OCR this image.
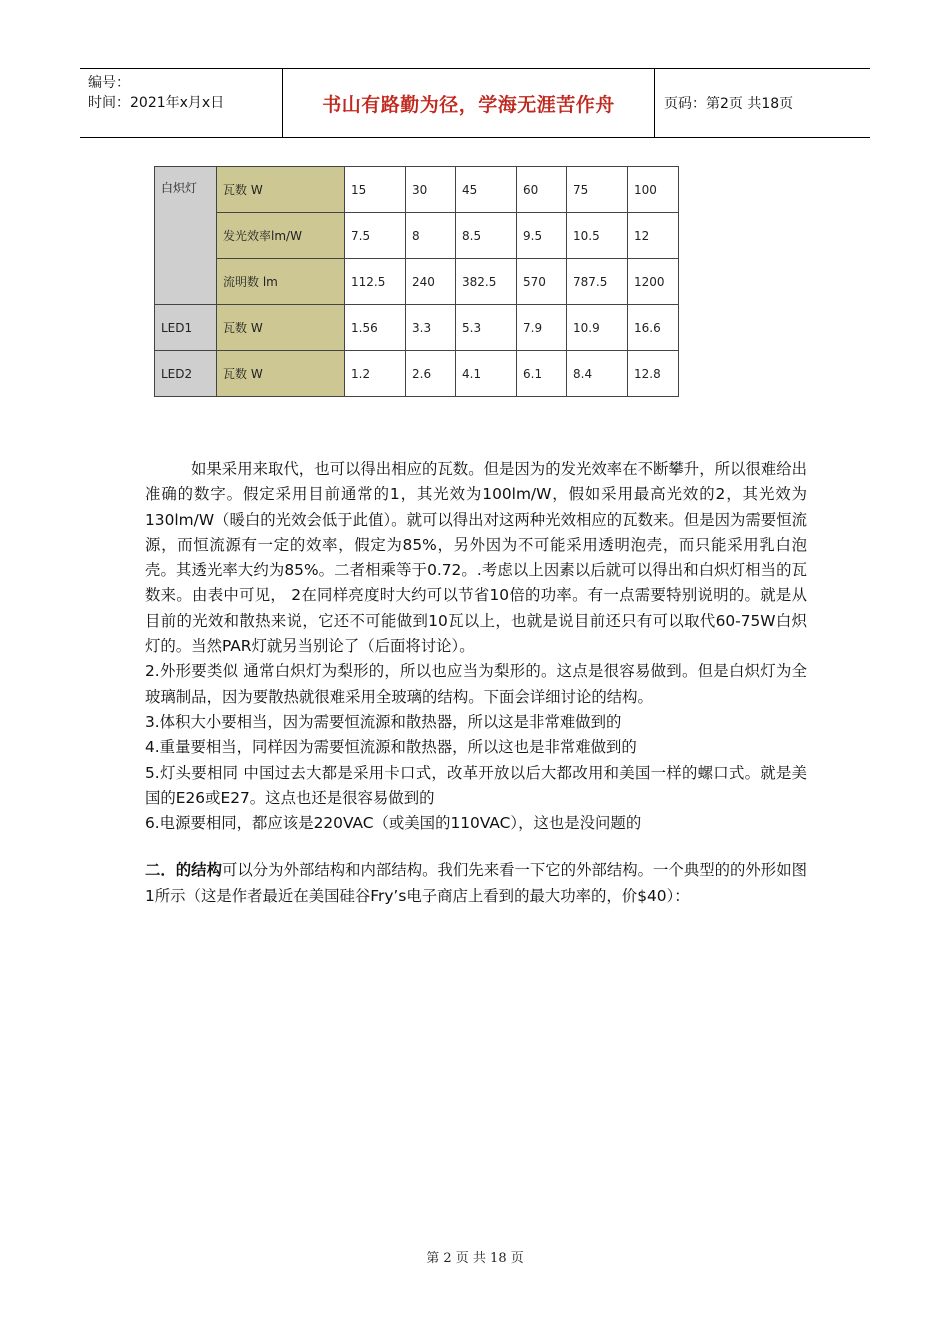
编号：
时间：2021年x月x日	书山有路勤为径，学海无涯苦作舟	页码：第2页 共18页
白炽灯	瓦数 W	15	30	45	60	75	100
	发光效率lm/W	7.5	8	8.5	9.5	10.5	12
	流明数 lm	112.5	240	382.5	570	787.5	1200
LED1	瓦数 W	1.56	3.3	5.3	7.9	10.9	16.6
LED2	瓦数 W	1.2	2.6	4.1	6.1	8.4	12.8

如果采用来取代，也可以得出相应的瓦数。但是因为的发光效率在不断攀升，所以很难给出准确的数字。假定采用目前通常的1，其光效为100lm/W，假如采用最高光效的2，其光效为130lm/W（暖白的光效会低于此值）。就可以得出对这两种光效相应的瓦数来。但是因为需要恒流源，而恒流源有一定的效率，假定为85%，另外因为不可能采用透明泡壳，而只能采用乳白泡壳。其透光率大约为85%。二者相乘等于0.72。.考虑以上因素以后就可以得出和白炽灯相当的瓦数来。由表中可见， 2在同样亮度时大约可以节省10倍的功率。有一点需要特别说明的。就是从目前的光效和散热来说，它还不可能做到10瓦以上，也就是说目前还只有可以取代60-75W白炽灯的。当然PAR灯就另当别论了（后面将讨论）。

2.外形要类似 通常白炽灯为梨形的，所以也应当为梨形的。这点是很容易做到。但是白炽灯为全玻璃制品，因为要散热就很难采用全玻璃的结构。下面会详细讨论的结构。

3.体积大小要相当，因为需要恒流源和散热器，所以这是非常难做到的

4.重量要相当，同样因为需要恒流源和散热器，所以这也是非常难做到的

5.灯头要相同 中国过去大都是采用卡口式，改革开放以后大都改用和美国一样的螺口式。就是美国的E26或E27。这点也还是很容易做到的

6.电源要相同，都应该是220VAC（或美国的110VAC），这也是没问题的

二．的结构可以分为外部结构和内部结构。我们先来看一下它的外部结构。一个典型的的外形如图1所示（这是作者最近在美国硅谷Fry’s电子商店上看到的最大功率的，价$40）：

第 2 页 共 18 页
